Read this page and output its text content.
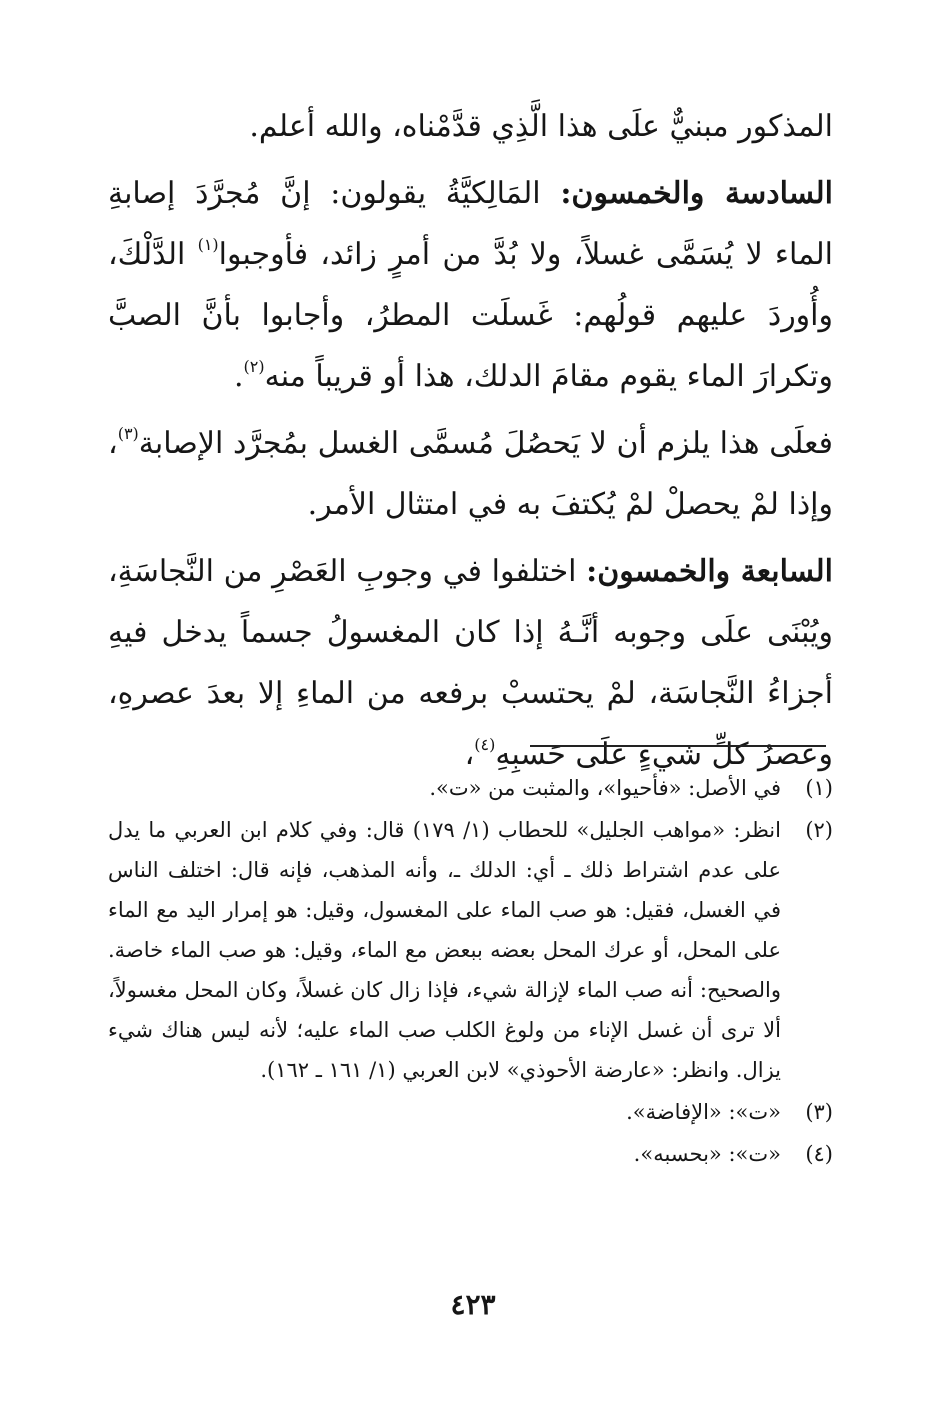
المذكور مبنيٌّ علَى هذا الَّذِي قدَّمْناه، والله أعلم.

السادسة والخمسون: المَالِكيَّةُ يقولون: إنَّ مُجرَّدَ إصابةِ الماء لا يُسَمَّى غسلاً، ولا بُدَّ من أمرٍ زائد، فأوجبوا$^{(١)}$ الدَّلْكَ، وأُوردَ عليهم قولُهم: غَسلَت المطرُ، وأجابوا بأنَّ الصبَّ وتكرارَ الماء يقوم مقامَ الدلك، هذا أو قريباً منه$^{(٢)}$.

فعلَى هذا يلزم أن لا يَحصُلَ مُسمَّى الغسل بمُجرَّد الإصابة$^{(٣)}$، وإذا لمْ يحصلْ لمْ يُكتفَ به في امتثال الأمر.

السابعة والخمسون: اختلفوا في وجوبِ العَصْرِ من النَّجاسَةِ، ويُبْنَى علَى وجوبه أنَّـهُ إذا كان المغسولُ جسماً يدخل فيهِ أجزاءُ النَّجاسَة، لمْ يحتسبْ برفعه من الماءِ إلا بعدَ عصرهِ، وعصرُ كلِّ شيءٍ علَى حَسبِهِ$^{(٤)}$،

(١)
في الأصل: «فأحيوا»، والمثبت من «ت».
(٢)
انظر: «مواهب الجليل» للحطاب (١/ ١٧٩) قال: وفي كلام ابن العربي ما يدل على عدم اشتراط ذلك ـ أي: الدلك ـ، وأنه المذهب، فإنه قال: اختلف الناس في الغسل، فقيل: هو صب الماء على المغسول، وقيل: هو إمرار اليد مع الماء على المحل، أو عرك المحل بعضه ببعض مع الماء، وقيل: هو صب الماء خاصة. والصحيح: أنه صب الماء لإزالة شيء، فإذا زال كان غسلاً، وكان المحل مغسولاً، ألا ترى أن غسل الإناء من ولوغ الكلب صب الماء عليه؛ لأنه ليس هناك شيء يزال. وانظر: «عارضة الأحوذي» لابن العربي (١/ ١٦١ ـ ١٦٢).
(٣)
«ت»: «الإفاضة».
(٤)
«ت»: «بحسبه».
٤٢٣
